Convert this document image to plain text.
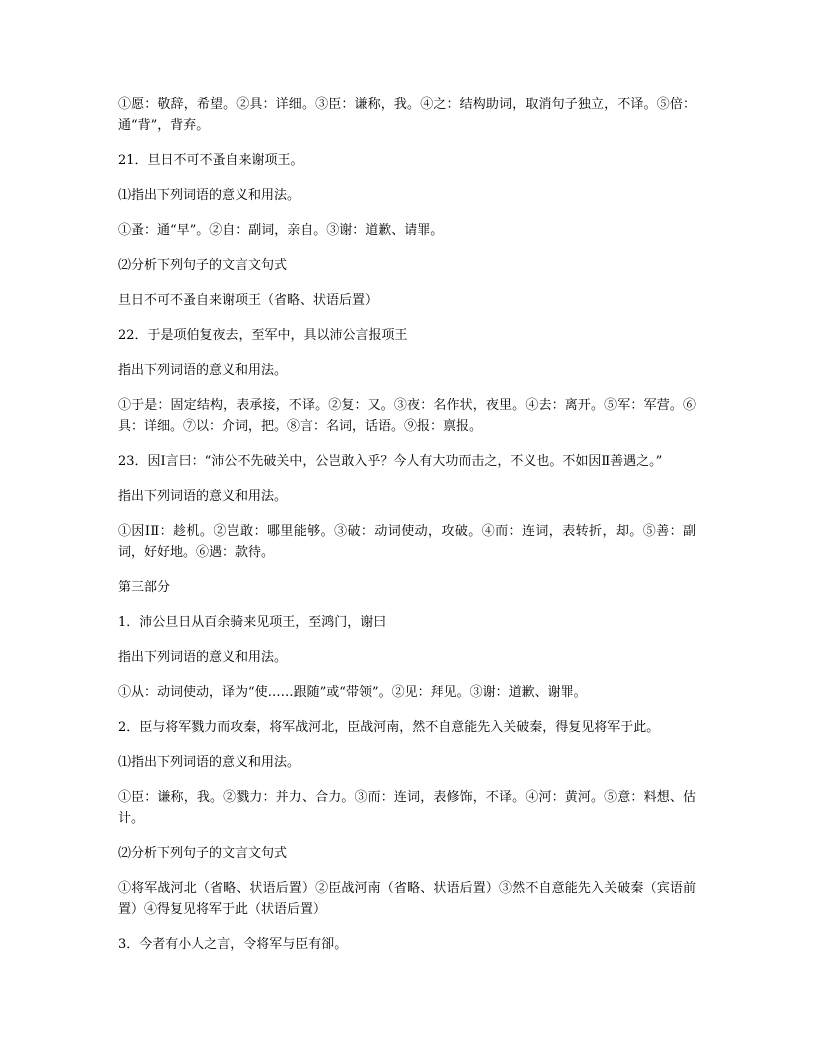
①愿：敬辞，希望。②具：详细。③臣：谦称，我。④之：结构助词，取消句子独立，不译。⑤倍：通“背”，背弃。

21．旦日不可不蚤自来谢项王。

⑴指出下列词语的意义和用法。

①蚤：通“早”。②自：副词，亲自。③谢：道歉、请罪。

⑵分析下列句子的文言文句式

旦日不可不蚤自来谢项王（省略、状语后置）

22．于是项伯复夜去，至军中，具以沛公言报项王

指出下列词语的意义和用法。

①于是：固定结构，表承接，不译。②复：又。③夜：名作状，夜里。④去：离开。⑤军：军营。⑥具：详细。⑦以：介词，把。⑧言：名词，话语。⑨报：禀报。

23．因Ⅰ言曰：“沛公不先破关中，公岂敢入乎？今人有大功而击之，不义也。不如因Ⅱ善遇之。”

指出下列词语的意义和用法。

①因ⅠⅡ：趁机。②岂敢：哪里能够。③破：动词使动，攻破。④而：连词，表转折，却。⑤善：副词，好好地。⑥遇：款待。

第三部分

1．沛公旦日从百余骑来见项王，至鸿门，谢曰

指出下列词语的意义和用法。

①从：动词使动，译为“使……跟随”或“带领”。②见：拜见。③谢：道歉、谢罪。

2．臣与将军戮力而攻秦，将军战河北，臣战河南，然不自意能先入关破秦，得复见将军于此。

⑴指出下列词语的意义和用法。

①臣：谦称，我。②戮力：并力、合力。③而：连词，表修饰，不译。④河：黄河。⑤意：料想、估计。

⑵分析下列句子的文言文句式

①将军战河北（省略、状语后置）②臣战河南（省略、状语后置）③然不自意能先入关破秦（宾语前置）④得复见将军于此（状语后置）

3．今者有小人之言，令将军与臣有卻。
